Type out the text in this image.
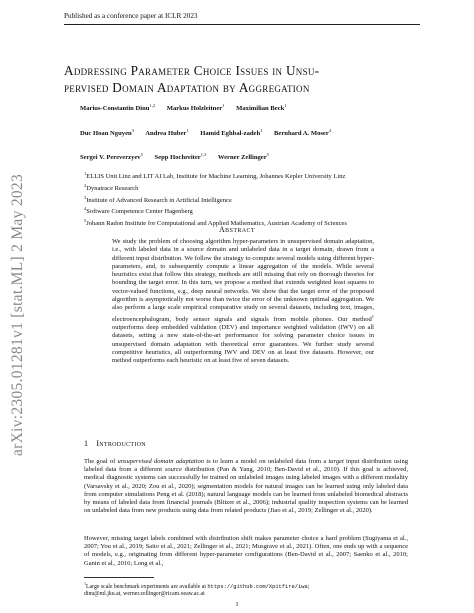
Published as a conference paper at ICLR 2023
arXiv:2305.01281v1 [stat.ML] 2 May 2023
Addressing Parameter Choice Issues in Unsu-
pervised Domain Adaptation by Aggregation
Marius-Constantin Dinu$^{1,2}$ Markus Holzleitner$^1$ Maximilian Beck$^1$
Duc Hoan Nguyen$^3$ Andrea Huber$^1$ Hamid Eghbal-zadeh$^1$ Bernhard A. Moser$^4$
Sergei V. Pereverzyev$^5$ Sepp Hochreiter$^{1,3}$ Werner Zellinger$^5$
$^1$ELLIS Unit Linz and LIT AI Lab, Institute for Machine Learning, Johannes Kepler University Linz
$^2$Dynatrace Research
$^3$Institute of Advanced Research in Artificial Intelligence
$^4$Software Competence Center Hagenberg
$^5$Johann Radon Institute for Computational and Applied Mathematics, Austrian Academy of Sciences
Abstract
We study the problem of choosing algorithm hyper-parameters in unsupervised domain adaptation, i.e., with labeled data in a source domain and unlabeled data in a target domain, drawn from a different input distribution. We follow the strategy to compute several models using different hyper-parameters, and, to subsequently compute a linear aggregation of the models. While several heuristics exist that follow this strategy, methods are still missing that rely on thorough theories for bounding the target error. In this turn, we propose a method that extends weighted least squares to vector-valued functions, e.g., deep neural networks. We show that the target error of the proposed algorithm is asymptotically not worse than twice the error of the unknown optimal aggregation. We also perform a large scale empirical comparative study on several datasets, including text, images, electroencephalogram, body sensor signals and signals from mobile phones. Our method$^1$ outperforms deep embedded validation (DEV) and importance weighted validation (IWV) on all datasets, setting a new state-of-the-art performance for solving parameter choice issues in unsupervised domain adaptation with theoretical error guarantees. We further study several competitive heuristics, all outperforming IWV and DEV on at least five datasets. However, our method outperforms each heuristic on at least five of seven datasets.
1 Introduction
The goal of unsupervised domain adaptation is to learn a model on unlabeled data from a target input distribution using labeled data from a different source distribution (Pan & Yang, 2010; Ben-David et al., 2010). If this goal is achieved, medical diagnostic systems can successfully be trained on unlabeled images using labeled images with a different modality (Varsavsky et al., 2020; Zou et al., 2020); segmentation models for natural images can be learned using only labeled data from computer simulations Peng et al. (2018); natural language models can be learned from unlabeled biomedical abstracts by means of labeled data from financial journals (Blitzer et al., 2006); industrial quality inspection systems can be learned on unlabeled data from new products using data from related products (Jiao et al., 2019; Zellinger et al., 2020).
However, missing target labels combined with distribution shift makes parameter choice a hard problem (Sugiyama et al., 2007; You et al., 2019; Saito et al., 2021; Zellinger et al., 2021; Musgrave et al., 2021). Often, one ends up with a sequence of models, e.g., originating from different hyper-parameter configurations (Ben-David et al., 2007; Saenko et al., 2010; Ganin et al., 2016; Long et al.,
$^1$Large scale benchmark experiments are available at https://github.com/Xpitfire/iwa;
dinu@ml.jku.at, werner.zellinger@ricam.oeaw.ac.at
1
